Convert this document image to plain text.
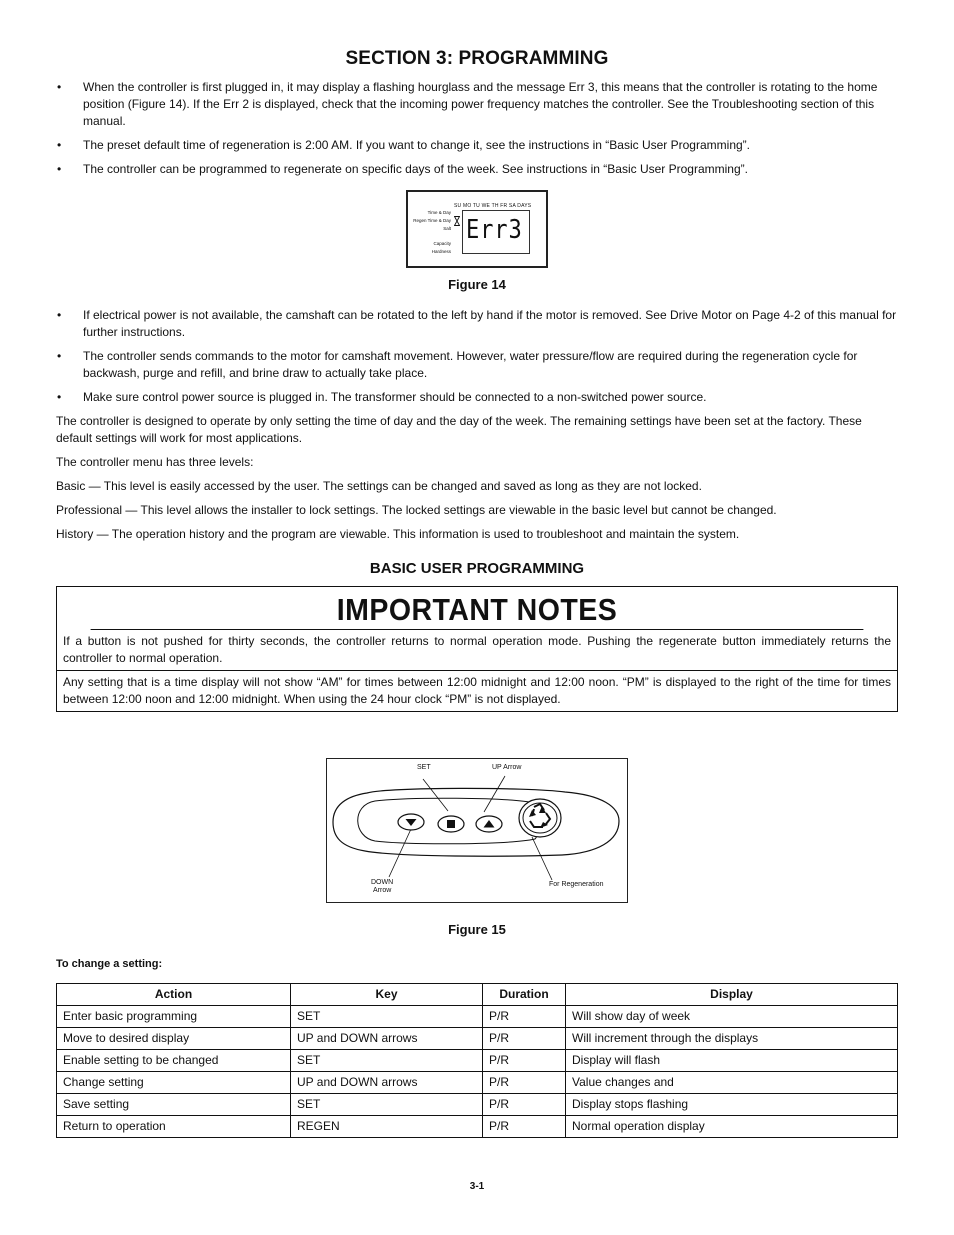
SECTION 3: PROGRAMMING
• When the controller is first plugged in, it may display a flashing hourglass and the message Err 3, this means that the controller is rotating to the home position (Figure 14). If the Err 2 is displayed, check that the incoming power frequency matches the controller. See the Troubleshooting section of this manual.
• The preset default time of regeneration is 2:00 AM. If you want to change it, see the instructions in “Basic User Programming”.
• The controller can be programmed to regenerate on specific days of the week. See instructions in “Basic User Programming”.
SU MO TU WE TH FR SA DAYS
Time & Day
Regen Time & Day
Salt
Capacity
Hardness
Err3
Figure 14
• If electrical power is not available, the camshaft can be rotated to the left by hand if the motor is removed. See Drive Motor on Page 4-2 of this manual for further instructions.
• The controller sends commands to the motor for camshaft movement. However, water pressure/flow are required during the regeneration cycle for backwash, purge and refill, and brine draw to actually take place.
• Make sure control power source is plugged in. The transformer should be connected to a non-switched power source.

The controller is designed to operate by only setting the time of day and the day of the week. The remaining settings have been set at the factory. These default settings will work for most applications.

The controller menu has three levels:

Basic — This level is easily accessed by the user. The settings can be changed and saved as long as they are not locked.

Professional — This level allows the installer to lock settings. The locked settings are viewable in the basic level but cannot be changed.

History — The operation history and the program are viewable. This information is used to troubleshoot and maintain the system.

BASIC USER PROGRAMMING
IMPORTANT NOTES
If a button is not pushed for thirty seconds, the controller returns to normal operation mode. Pushing the regenerate button immediately returns the controller to normal operation.
Any setting that is a time display will not show “AM” for times between 12:00 midnight and 12:00 noon. “PM” is displayed to the right of the time for times between 12:00 noon and 12:00 midnight. When using the 24 hour clock “PM” is not displayed.
SET	UP Arrow
DOWN
Arrow
For Regeneration
Figure 15
To change a setting:
Action	Key	Duration	Display
Enter basic programming	SET	P/R	Will show day of week
Move to desired display	UP and DOWN arrows	P/R	Will increment through the displays
Enable setting to be changed	SET	P/R	Display will flash
Change setting	UP and DOWN arrows	P/R	Value changes and
Save setting	SET	P/R	Display stops flashing
Return to operation	REGEN	P/R	Normal operation display
3-1
